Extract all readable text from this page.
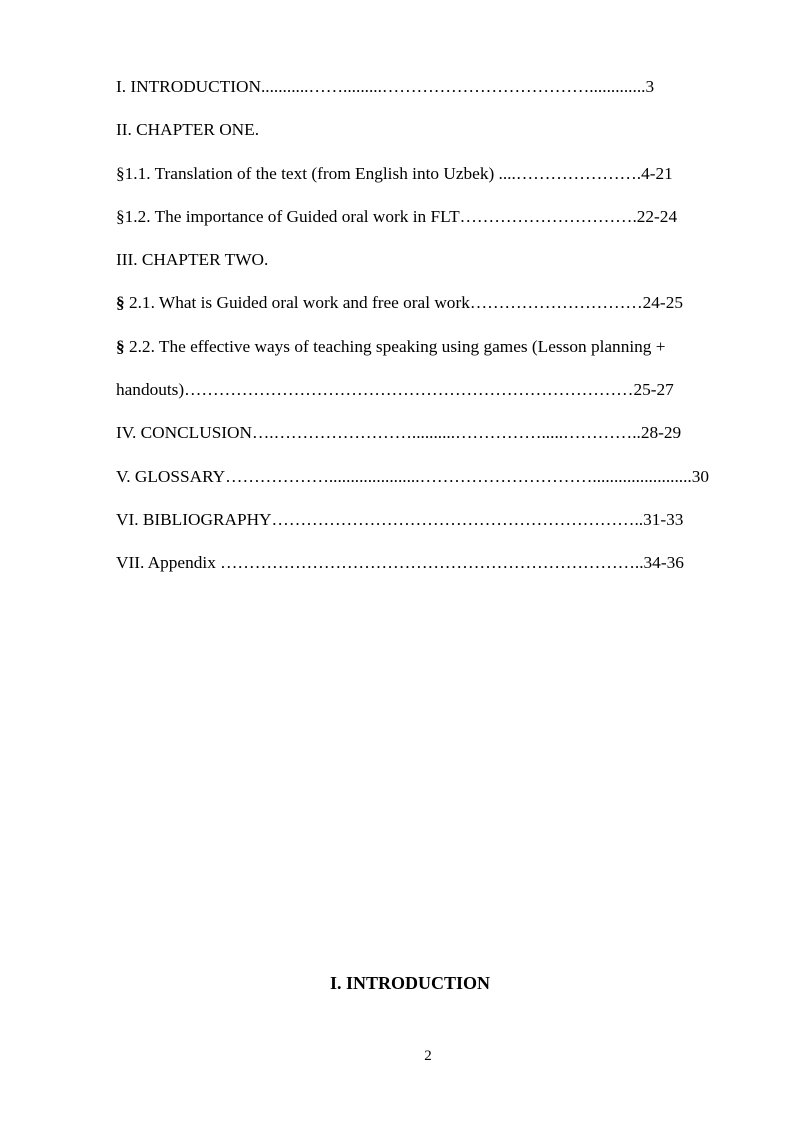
I. INTRODUCTION...........…….........……………………………….............3
II. CHAPTER ONE.
§1.1. Translation of the text (from English into Uzbek) ....………………….4-21
§1.2. The importance of Guided oral work in FLT………………………….22-24
III. CHAPTER TWO.
§ 2.1. What is Guided oral work and free oral work…………………………24-25
§ 2.2. The effective ways of teaching speaking using games (Lesson planning +
handouts)……………………………………………………………………25-27
IV. CONCLUSION….……………………..........…………….....…………..28-29
V. GLOSSARY……………….....................………………………….......................30
VI. BIBLIOGRAPHY………………………………………………………..31-33
VII. Appendix ………………………………………………………………..34-36
I. INTRODUCTION
2
